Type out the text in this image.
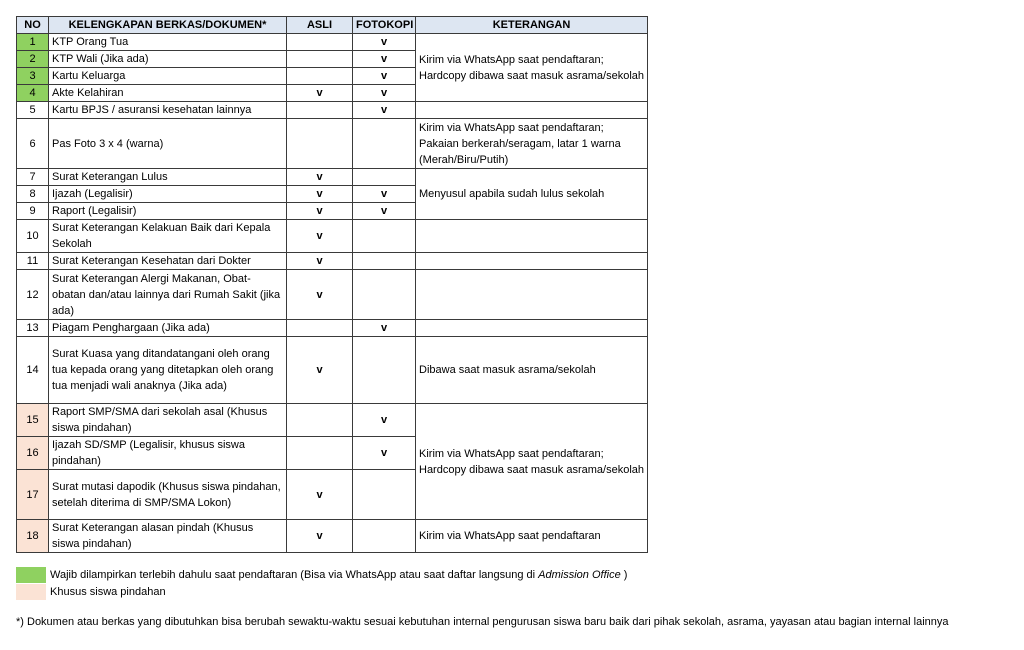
NO	KELENGKAPAN BERKAS/DOKUMEN*	ASLI	FOTOKOPI	KETERANGAN
1	KTP Orang Tua		v	Kirim via WhatsApp saat pendaftaran; Hardcopy dibawa saat masuk asrama/sekolah
2	KTP Wali (Jika ada)		v	
3	Kartu Keluarga		v	
4	Akte Kelahiran	v	v	
5	Kartu BPJS / asuransi kesehatan lainnya		v	
6	Pas Foto 3 x 4 (warna)			Kirim via WhatsApp saat pendaftaran; Pakaian berkerah/seragam, latar 1 warna (Merah/Biru/Putih)
7	Surat Keterangan Lulus	v		Menyusul apabila sudah lulus sekolah
8	Ijazah (Legalisir)	v	v	
9	Raport (Legalisir)	v	v	
10	Surat Keterangan Kelakuan Baik dari Kepala Sekolah	v		
11	Surat Keterangan Kesehatan dari Dokter	v		
12	Surat Keterangan Alergi Makanan, Obat-obatan dan/atau lainnya dari Rumah Sakit (jika ada)	v		
13	Piagam Penghargaan (Jika ada)		v	
14	Surat Kuasa yang ditandatangani oleh orang tua kepada orang yang ditetapkan oleh orang tua menjadi wali anaknya (Jika ada)	v		Dibawa saat masuk asrama/sekolah
15	Raport SMP/SMA dari sekolah asal (Khusus siswa pindahan)		v	Kirim via WhatsApp saat pendaftaran; Hardcopy dibawa saat masuk asrama/sekolah
16	Ijazah SD/SMP (Legalisir, khusus siswa pindahan)		v	
17	Surat mutasi dapodik (Khusus siswa pindahan, setelah diterima di SMP/SMA Lokon)	v		
18	Surat Keterangan alasan pindah (Khusus siswa pindahan)	v		Kirim via WhatsApp saat pendaftaran
Wajib dilampirkan terlebih dahulu saat pendaftaran (Bisa via WhatsApp atau saat daftar langsung di Admission Office )
Khusus siswa pindahan
*) Dokumen atau berkas yang dibutuhkan bisa berubah sewaktu-waktu sesuai kebutuhan internal pengurusan siswa baru baik dari pihak sekolah, asrama, yayasan atau bagian internal lainnya
